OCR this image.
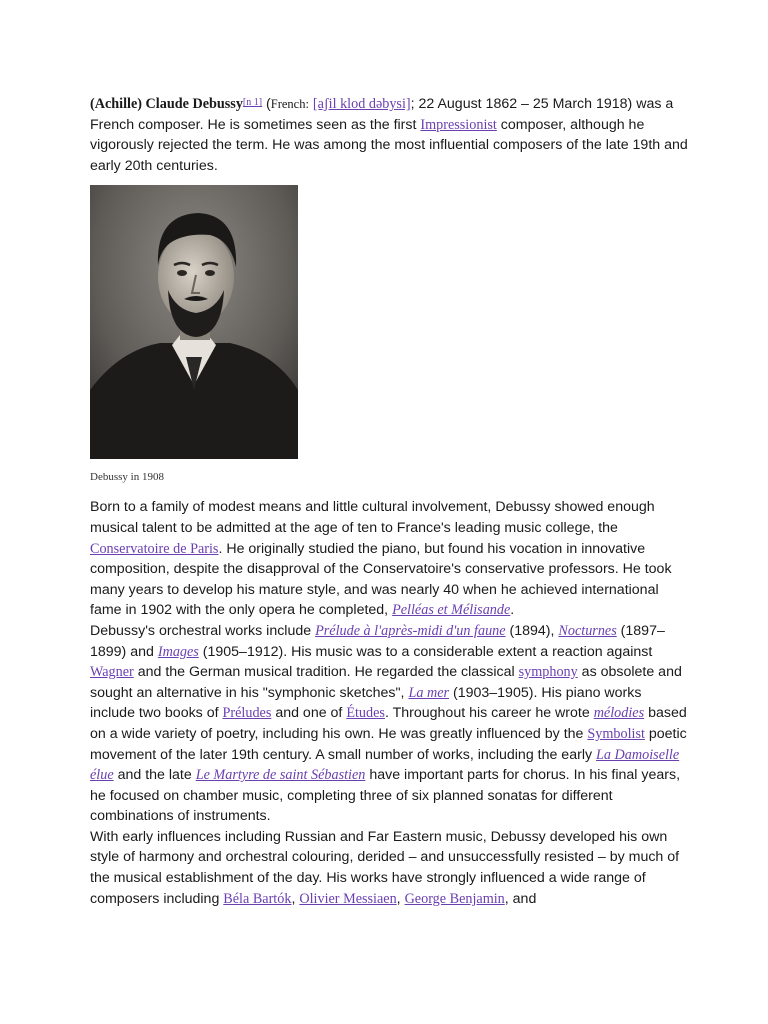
(Achille) Claude Debussy[n 1] (French: [aʃil klod dəbysi]; 22 August 1862 – 25 March 1918) was a French composer. He is sometimes seen as the first Impressionist composer, although he vigorously rejected the term. He was among the most influential composers of the late 19th and early 20th centuries.

Debussy in 1908

Born to a family of modest means and little cultural involvement, Debussy showed enough musical talent to be admitted at the age of ten to France's leading music college, the Conservatoire de Paris. He originally studied the piano, but found his vocation in innovative composition, despite the disapproval of the Conservatoire's conservative professors. He took many years to develop his mature style, and was nearly 40 when he achieved international fame in 1902 with the only opera he completed, Pelléas et Mélisande.

Debussy's orchestral works include Prélude à l'après-midi d'un faune (1894), Nocturnes (1897–1899) and Images (1905–1912). His music was to a considerable extent a reaction against Wagner and the German musical tradition. He regarded the classical symphony as obsolete and sought an alternative in his "symphonic sketches", La mer (1903–1905). His piano works include two books of Préludes and one of Études. Throughout his career he wrote mélodies based on a wide variety of poetry, including his own. He was greatly influenced by the Symbolist poetic movement of the later 19th century. A small number of works, including the early La Damoiselle élue and the late Le Martyre de saint Sébastien have important parts for chorus. In his final years, he focused on chamber music, completing three of six planned sonatas for different combinations of instruments.

With early influences including Russian and Far Eastern music, Debussy developed his own style of harmony and orchestral colouring, derided – and unsuccessfully resisted – by much of the musical establishment of the day. His works have strongly influenced a wide range of composers including Béla Bartók, Olivier Messiaen, George Benjamin, and
